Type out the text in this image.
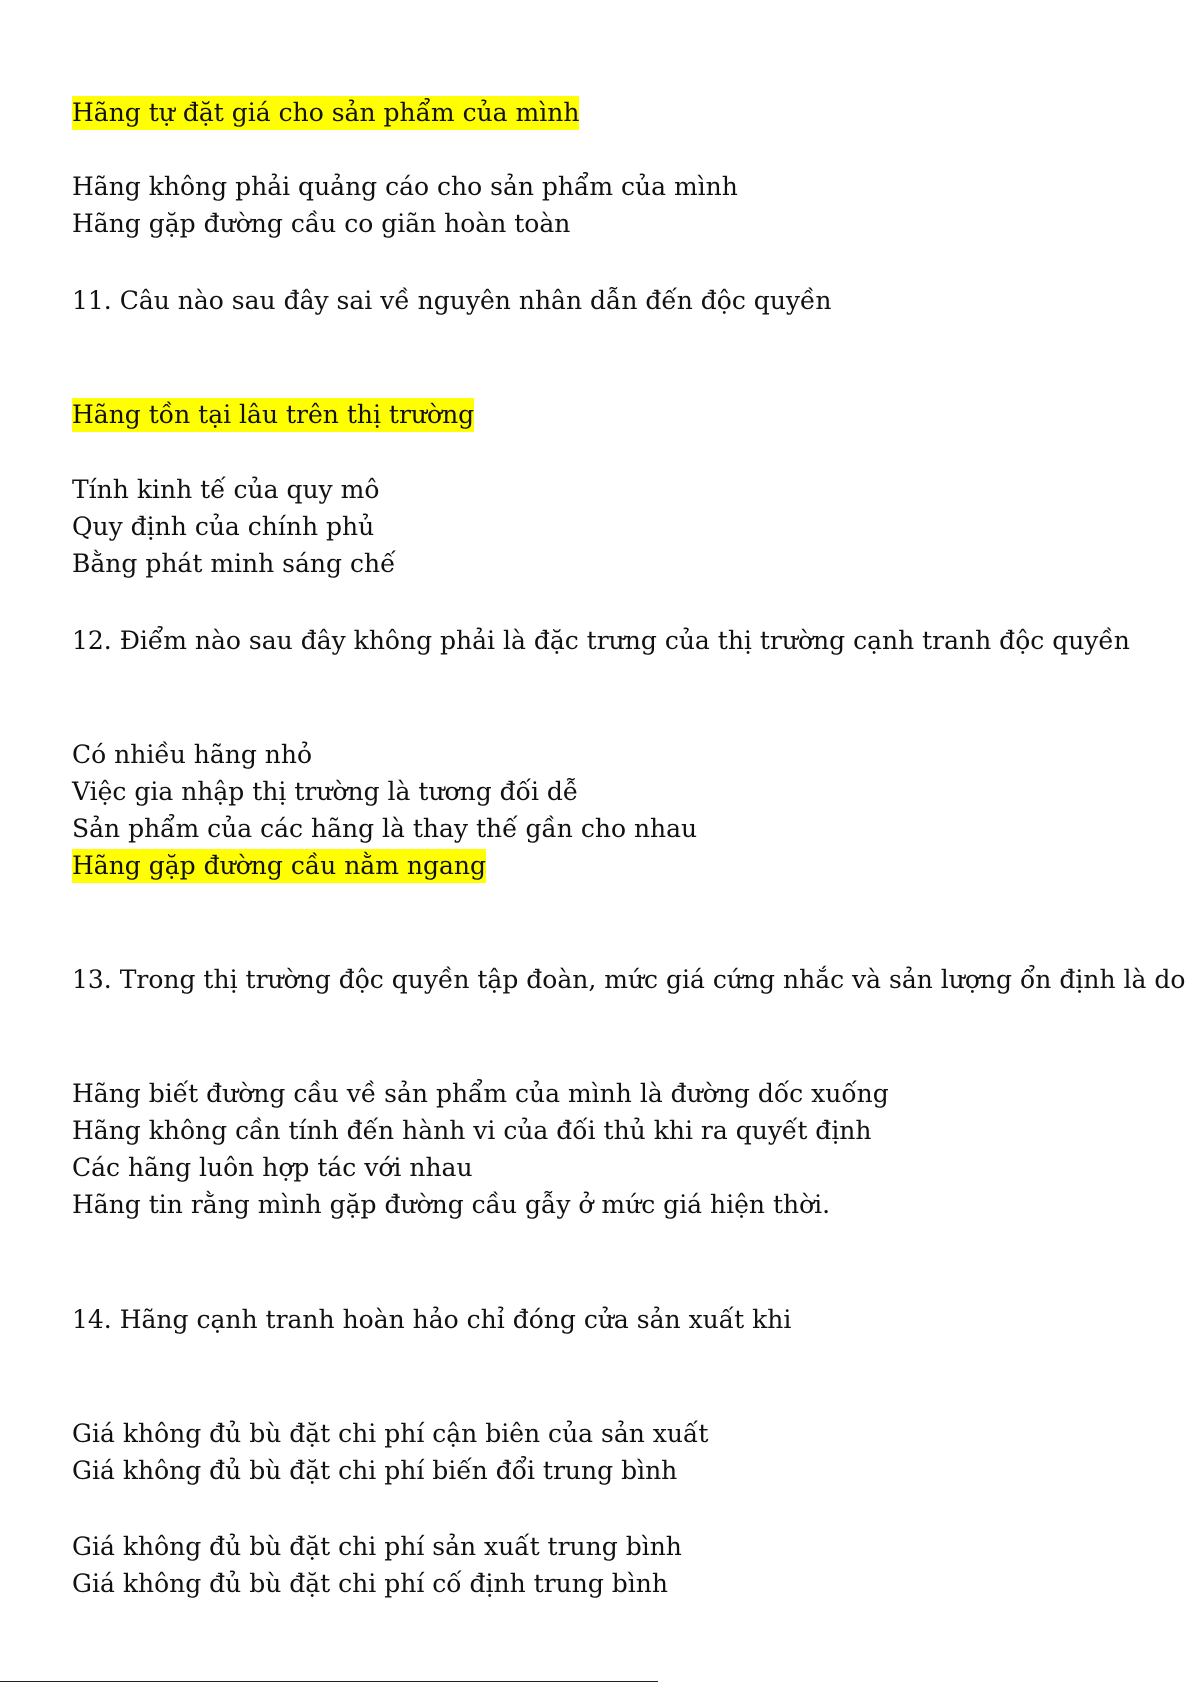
Hãng tự đặt giá cho sản phẩm của mình
Hãng không phải quảng cáo cho sản phẩm của mình
Hãng gặp đường cầu co giãn hoàn toàn
11. Câu nào sau đây sai về nguyên nhân dẫn đến độc quyền
Hãng tồn tại lâu trên thị trường
Tính kinh tế của quy mô
Quy định của chính phủ
Bằng phát minh sáng chế
12. Điểm nào sau đây không phải là đặc trưng của thị trường cạnh tranh độc quyền
Có nhiều hãng nhỏ
Việc gia nhập thị trường là tương đối dễ
Sản phẩm của các hãng là thay thế gần cho nhau
Hãng gặp đường cầu nằm ngang
13. Trong thị trường độc quyền tập đoàn, mức giá cứng nhắc và sản lượng ổn định là do
Hãng biết đường cầu về sản phẩm của mình là đường dốc xuống
Hãng không cần tính đến hành vi của đối thủ khi ra quyết định
Các hãng luôn hợp tác với nhau
Hãng tin rằng mình gặp đường cầu gẫy ở mức giá hiện thời.
14. Hãng cạnh tranh hoàn hảo chỉ đóng cửa sản xuất khi
Giá không đủ bù đặt chi phí cận biên của sản xuất
Giá không đủ bù đặt chi phí biến đổi trung bình
Giá không đủ bù đặt chi phí sản xuất trung bình
Giá không đủ bù đặt chi phí cố định trung bình
